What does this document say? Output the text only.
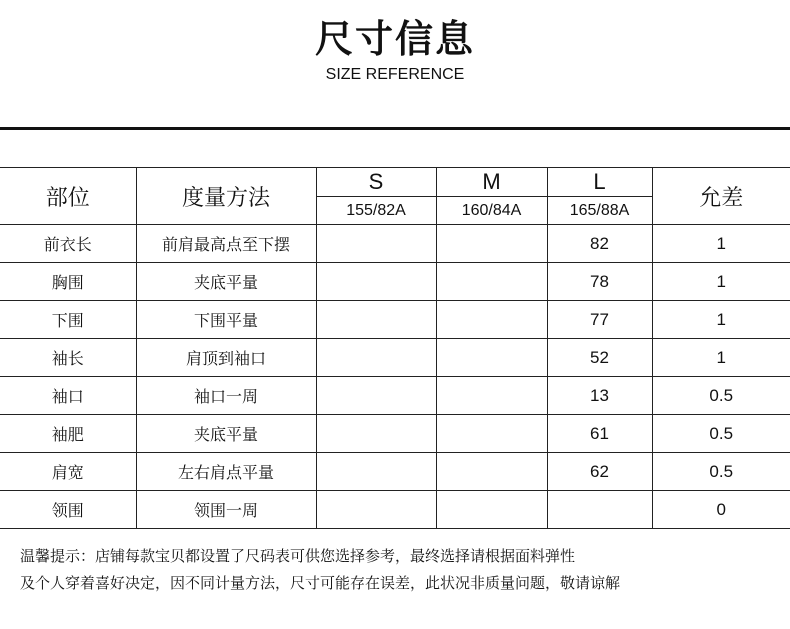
尺寸信息
SIZE REFERENCE
部位	度量方法	S	M	L	允差
		155/82A	160/84A	165/88A	
前衣长	前肩最高点至下摆			82	1
胸围	夹底平量			78	1
下围	下围平量			77	1
袖长	肩顶到袖口			52	1
袖口	袖口一周			13	0.5
袖肥	夹底平量			61	0.5
肩宽	左右肩点平量			62	0.5
领围	领围一周				0
温馨提示：店铺每款宝贝都设置了尺码表可供您选择参考，最终选择请根据面料弹性
及个人穿着喜好决定，因不同计量方法，尺寸可能存在误差，此状况非质量问题，敬请谅解
